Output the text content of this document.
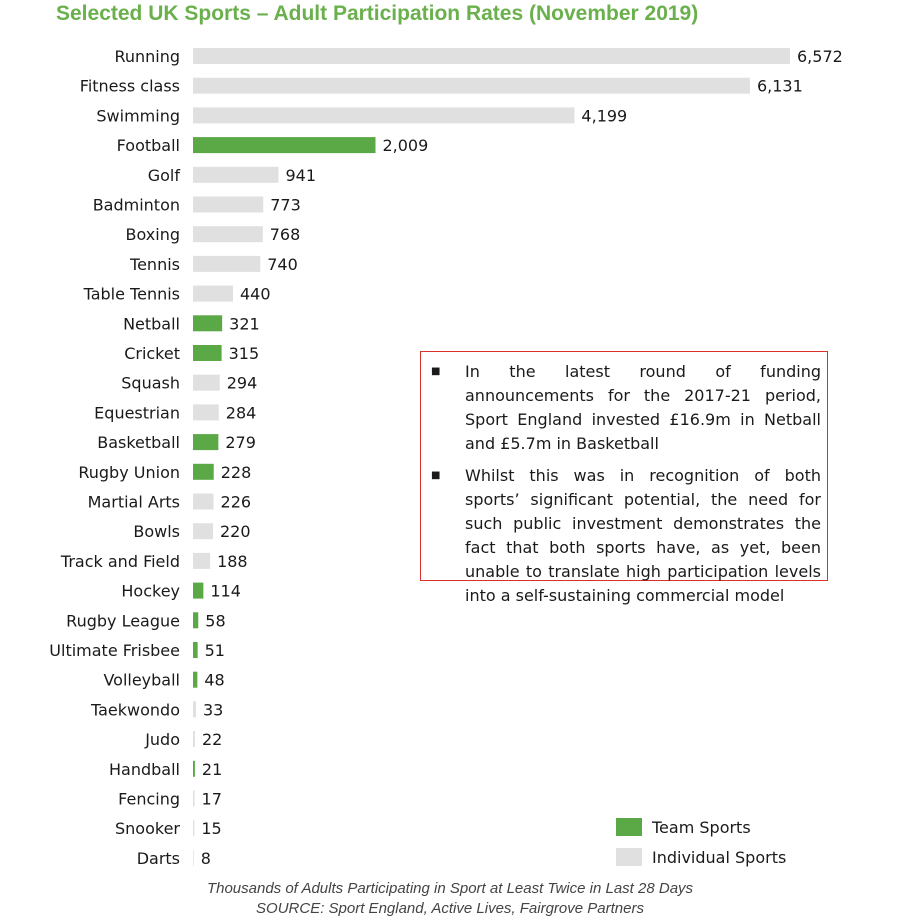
Selected UK Sports – Adult Participation Rates (November 2019)
Running	6,572
Fitness class	6,131
Swimming	4,199
Football	2,009
Golf	941
Badminton	773
Boxing	768
Tennis	740
Table Tennis	440
Netball	321
Cricket	315
Squash	294
Equestrian	284
Basketball	279
Rugby Union	228
Martial Arts	226
Bowls 220
Track and Field 188
Hockey 114
Rugby League 58
Ultimate Frisbee 51
Volleyball 48
Taekwondo 33
Judo 22
Handball 21
Fencing 17
Snooker 15
Darts 8
■	In the latest round of funding announcements for the 2017-21 period, Sport England invested £16.9m in Netball and £5.7m in Basketball
■	Whilst this was in recognition of both sports’ significant potential, the need for such public investment demonstrates the fact that both sports have, as yet, been unable to translate high participation levels into a self-sustaining commercial model
Team Sports
Individual Sports
Thousands of Adults Participating in Sport at Least Twice in Last 28 Days
SOURCE: Sport England, Active Lives, Fairgrove Partners
